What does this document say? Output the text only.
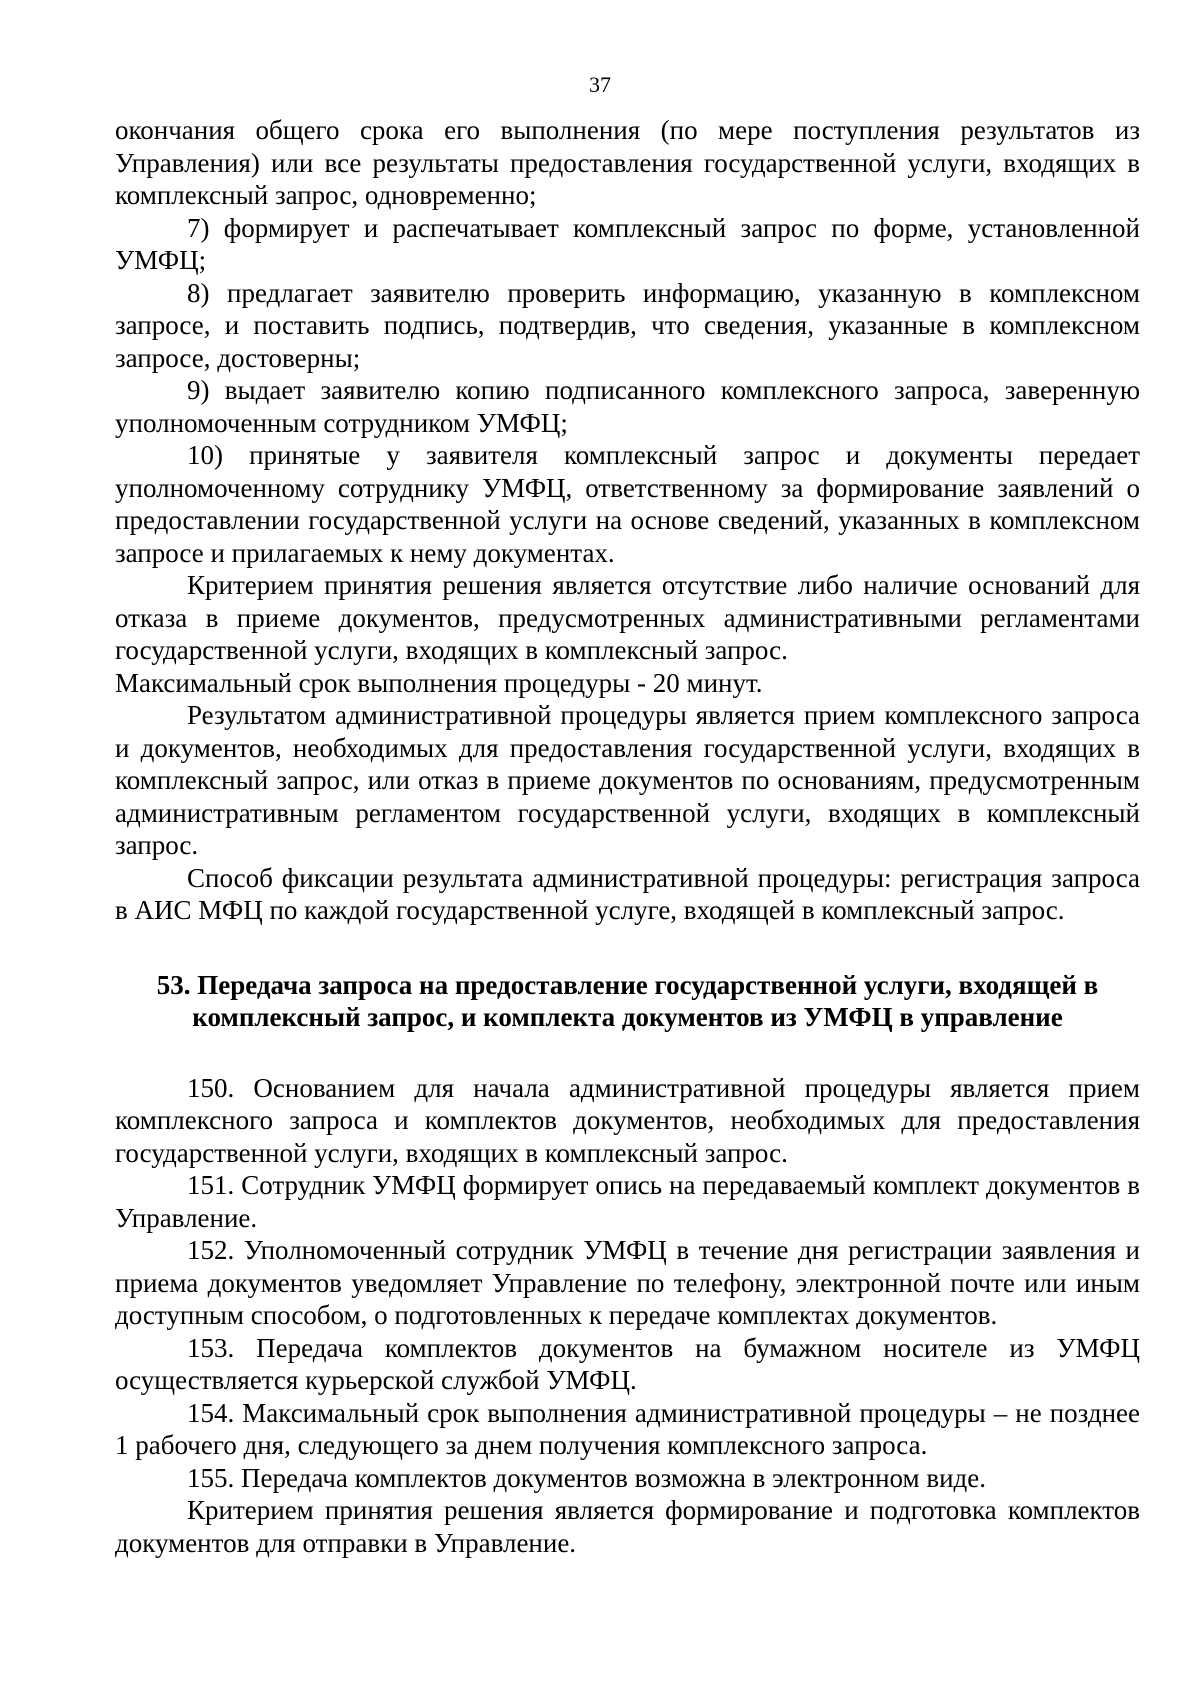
37

окончания общего срока его выполнения (по мере поступления результатов из Управления) или все результаты предоставления государственной услуги, входящих в комплексный запрос, одновременно;

7) формирует и распечатывает комплексный запрос по форме, установленной УМФЦ;

8) предлагает заявителю проверить информацию, указанную в комплексном запросе, и поставить подпись, подтвердив, что сведения, указанные в комплексном запросе, достоверны;

9) выдает заявителю копию подписанного комплексного запроса, заверенную уполномоченным сотрудником УМФЦ;

10) принятые у заявителя комплексный запрос и документы передает уполномоченному сотруднику УМФЦ, ответственному за формирование заявлений о предоставлении государственной услуги на основе сведений, указанных в комплексном запросе и прилагаемых к нему документах.

Критерием принятия решения является отсутствие либо наличие оснований для отказа в приеме документов, предусмотренных административными регламентами государственной услуги, входящих в комплексный запрос.

Максимальный срок выполнения процедуры - 20 минут.

Результатом административной процедуры является прием комплексного запроса и документов, необходимых для предоставления государственной услуги, входящих в комплексный запрос, или отказ в приеме документов по основаниям, предусмотренным административным регламентом государственной услуги, входящих в комплексный запрос.

Способ фиксации результата административной процедуры: регистрация запроса в АИС МФЦ по каждой государственной услуге, входящей в комплексный запрос.

53. Передача запроса на предоставление государственной услуги, входящей в комплексный запрос, и комплекта документов из УМФЦ в управление

150. Основанием для начала административной процедуры является прием комплексного запроса и комплектов документов, необходимых для предоставления государственной услуги, входящих в комплексный запрос.

151. Сотрудник УМФЦ формирует опись на передаваемый комплект документов в Управление.

152. Уполномоченный сотрудник УМФЦ в течение дня регистрации заявления и приема документов уведомляет Управление по телефону, электронной почте или иным доступным способом, о подготовленных к передаче комплектах документов.

153. Передача комплектов документов на бумажном носителе из УМФЦ осуществляется курьерской службой УМФЦ.

154. Максимальный срок выполнения административной процедуры – не позднее 1 рабочего дня, следующего за днем получения комплексного запроса.

155. Передача комплектов документов возможна в электронном виде.

Критерием принятия решения является формирование и подготовка комплектов документов для отправки в Управление.
